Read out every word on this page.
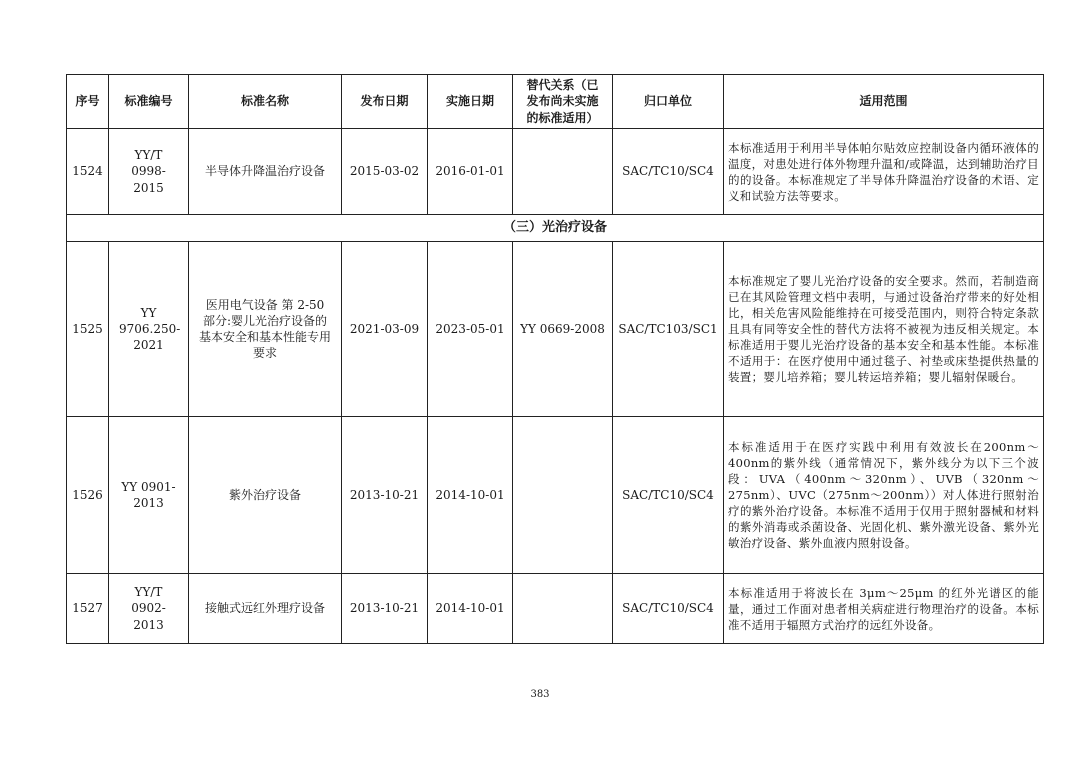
序号	标准编号	标准名称	发布日期	实施日期	替代关系（已发布尚未实施的标准适用）	归口单位	适用范围
1524	YY/T 0998-2015	半导体升降温治疗设备	2015-03-02	2016-01-01		SAC/TC10/SC4	本标准适用于利用半导体帕尔贴效应控制设备内循环液体的温度，对患处进行体外物理升温和/或降温，达到辅助治疗目的的设备。本标准规定了半导体升降温治疗设备的术语、定义和试验方法等要求。
（三）光治疗设备							
1525	YY 9706.250-2021	医用电气设备 第 2-50 部分:婴儿光治疗设备的基本安全和基本性能专用要求	2021-03-09	2023-05-01	YY 0669-2008	SAC/TC103/SC1	本标准规定了婴儿光治疗设备的安全要求。然而，若制造商已在其风险管理文档中表明，与通过设备治疗带来的好处相比，相关危害风险能维持在可接受范围内，则符合特定条款且具有同等安全性的替代方法将不被视为违反相关规定。本标准适用于婴儿光治疗设备的基本安全和基本性能。本标准不适用于：在医疗使用中通过毯子、衬垫或床垫提供热量的装置；婴儿培养箱；婴儿转运培养箱；婴儿辐射保暖台。
1526	YY 0901-2013	紫外治疗设备	2013-10-21	2014-10-01		SAC/TC10/SC4	本标准适用于在医疗实践中利用有效波长在200nm～400nm的紫外线（通常情况下，紫外线分为以下三个波段：UVA（400nm～320nm）、UVB（320nm～275nm）、UVC（275nm～200nm））对人体进行照射治疗的紫外治疗设备。本标准不适用于仅用于照射器械和材料的紫外消毒或杀菌设备、光固化机、紫外激光设备、紫外光敏治疗设备、紫外血液内照射设备。
1527	YY/T 0902-2013	接触式远红外理疗设备	2013-10-21	2014-10-01		SAC/TC10/SC4	本标准适用于将波长在 3μm～25μm 的红外光谱区的能量，通过工作面对患者相关病症进行物理治疗的设备。本标准不适用于辐照方式治疗的远红外设备。
383
